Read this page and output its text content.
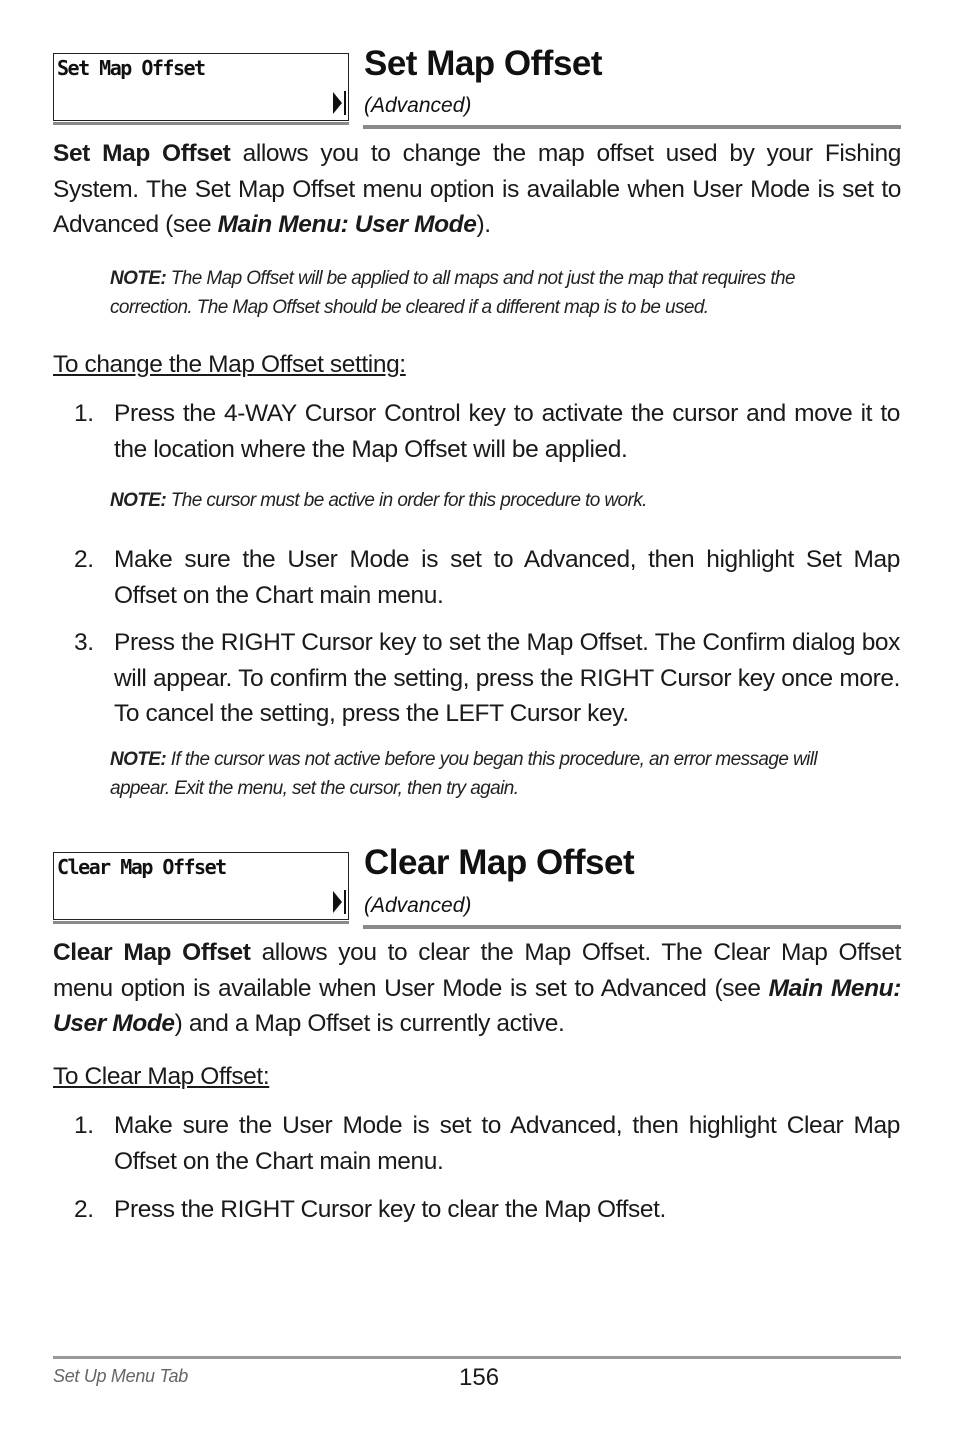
Set Map Offset	Set Map Offset
(Advanced)
Set Map Offset allows you to change the map offset used by your Fishing System. The Set Map Offset menu option is available when User Mode is set to Advanced (see Main Menu: User Mode).
NOTE: The Map Offset will be applied to all maps and not just the map that requires the correction. The Map Offset should be cleared if a different map is to be used.
To change the Map Offset setting:
1. Press the 4-WAY Cursor Control key to activate the cursor and move it to the location where the Map Offset will be applied.
NOTE: The cursor must be active in order for this procedure to work.
2. Make sure the User Mode is set to Advanced, then highlight Set Map Offset on the Chart main menu.
3. Press the RIGHT Cursor key to set the Map Offset. The Confirm dialog box will appear. To confirm the setting, press the RIGHT Cursor key once more. To cancel the setting, press the LEFT Cursor key.
NOTE: If the cursor was not active before you began this procedure, an error message will appear. Exit the menu, set the cursor, then try again.
Clear Map Offset	Clear Map Offset
(Advanced)
Clear Map Offset allows you to clear the Map Offset. The Clear Map Offset menu option is available when User Mode is set to Advanced (see Main Menu: User Mode) and a Map Offset is currently active.
To Clear Map Offset:
1. Make sure the User Mode is set to Advanced, then highlight Clear Map Offset on the Chart main menu.
2. Press the RIGHT Cursor key to clear the Map Offset.
Set Up Menu Tab	156
